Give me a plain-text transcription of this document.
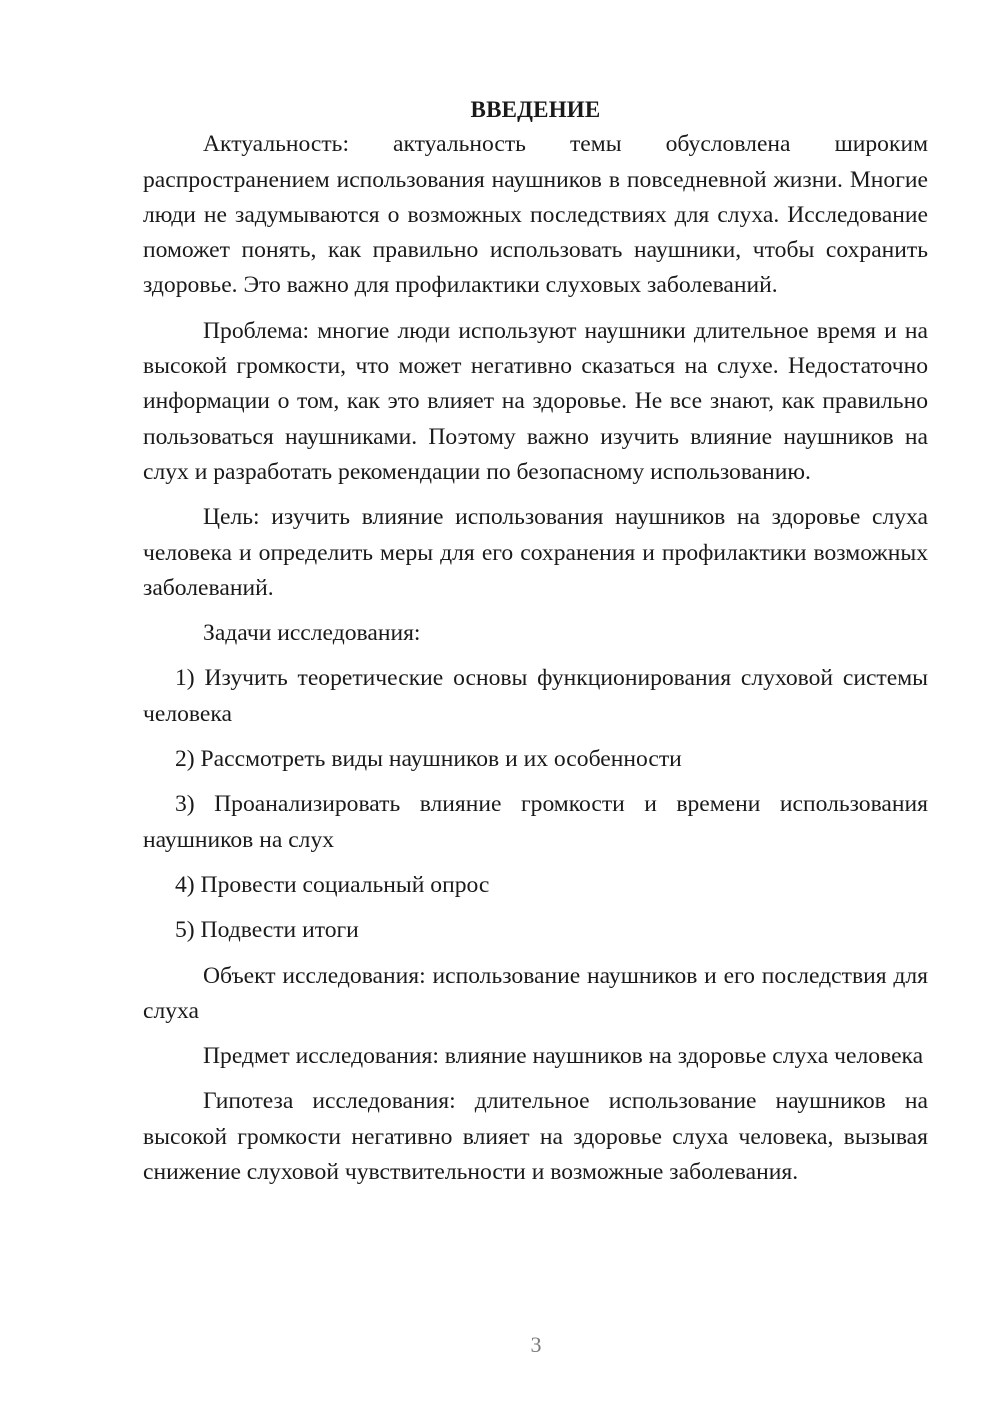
ВВЕДЕНИЕ
Актуальность: актуальность темы обусловлена широким распространением использования наушников в повседневной жизни. Многие люди не задумываются о возможных последствиях для слуха. Исследование поможет понять, как правильно использовать наушники, чтобы сохранить здоровье. Это важно для профилактики слуховых заболеваний.
Проблема: многие люди используют наушники длительное время и на высокой громкости, что может негативно сказаться на слухе. Недостаточно информации о том, как это влияет на здоровье. Не все знают, как правильно пользоваться наушниками. Поэтому важно изучить влияние наушников на слух и разработать рекомендации по безопасному использованию.
Цель: изучить влияние использования наушников на здоровье слуха человека и определить меры для его сохранения и профилактики возможных заболеваний.
Задачи исследования:
1) Изучить теоретические основы функционирования слуховой системы человека
2) Рассмотреть виды наушников и их особенности
3) Проанализировать влияние громкости и времени использования наушников на слух
4) Провести социальный опрос
5) Подвести итоги
Объект исследования: использование наушников и его последствия для слуха
Предмет исследования: влияние наушников на здоровье слуха человека
Гипотеза исследования: длительное использование наушников на высокой громкости негативно влияет на здоровье слуха человека, вызывая снижение слуховой чувствительности и возможные заболевания.
3
